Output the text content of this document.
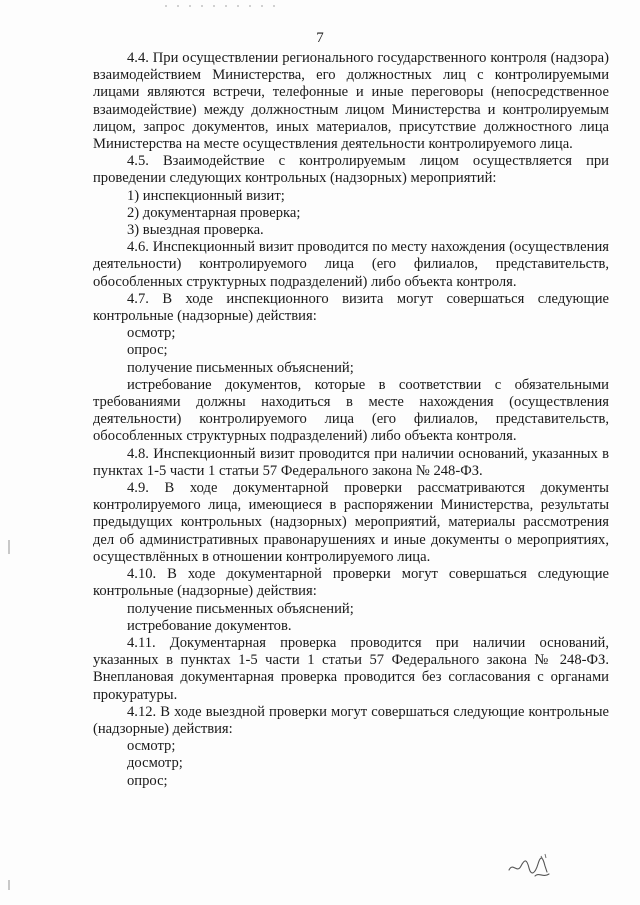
7

4.4. При осуществлении регионального государственного контроля (надзора) взаимодействием Министерства, его должностных лиц с контролируемыми лицами являются встречи, телефонные и иные переговоры (непосредственное взаимодействие) между должностным лицом Министерства и контролируемым лицом, запрос документов, иных материалов, присутствие должностного лица Министерства на месте осуществления деятельности контролируемого лица.

4.5. Взаимодействие с контролируемым лицом осуществляется при проведении следующих контрольных (надзорных) мероприятий:

1) инспекционный визит;

2) документарная проверка;

3) выездная проверка.

4.6. Инспекционный визит проводится по месту нахождения (осуществления деятельности) контролируемого лица (его филиалов, представительств, обособленных структурных подразделений) либо объекта контроля.

4.7. В ходе инспекционного визита могут совершаться следующие контрольные (надзорные) действия:

осмотр;

опрос;

получение письменных объяснений;

истребование документов, которые в соответствии с обязательными требованиями должны находиться в месте нахождения (осуществления деятельности) контролируемого лица (его филиалов, представительств, обособленных структурных подразделений) либо объекта контроля.

4.8. Инспекционный визит проводится при наличии оснований, указанных в пунктах 1-5 части 1 статьи 57 Федерального закона № 248-ФЗ.

4.9. В ходе документарной проверки рассматриваются документы контролируемого лица, имеющиеся в распоряжении Министерства, результаты предыдущих контрольных (надзорных) мероприятий, материалы рассмотрения дел об административных правонарушениях и иные документы о мероприятиях, осуществлённых в отношении контролируемого лица.

4.10. В ходе документарной проверки могут совершаться следующие контрольные (надзорные) действия:

получение письменных объяснений;

истребование документов.

4.11. Документарная проверка проводится при наличии оснований, указанных в пунктах 1-5 части 1 статьи 57 Федерального закона № 248-ФЗ. Внеплановая документарная проверка проводится без согласования с органами прокуратуры.

4.12. В ходе выездной проверки могут совершаться следующие контрольные (надзорные) действия:

осмотр;

досмотр;

опрос;
